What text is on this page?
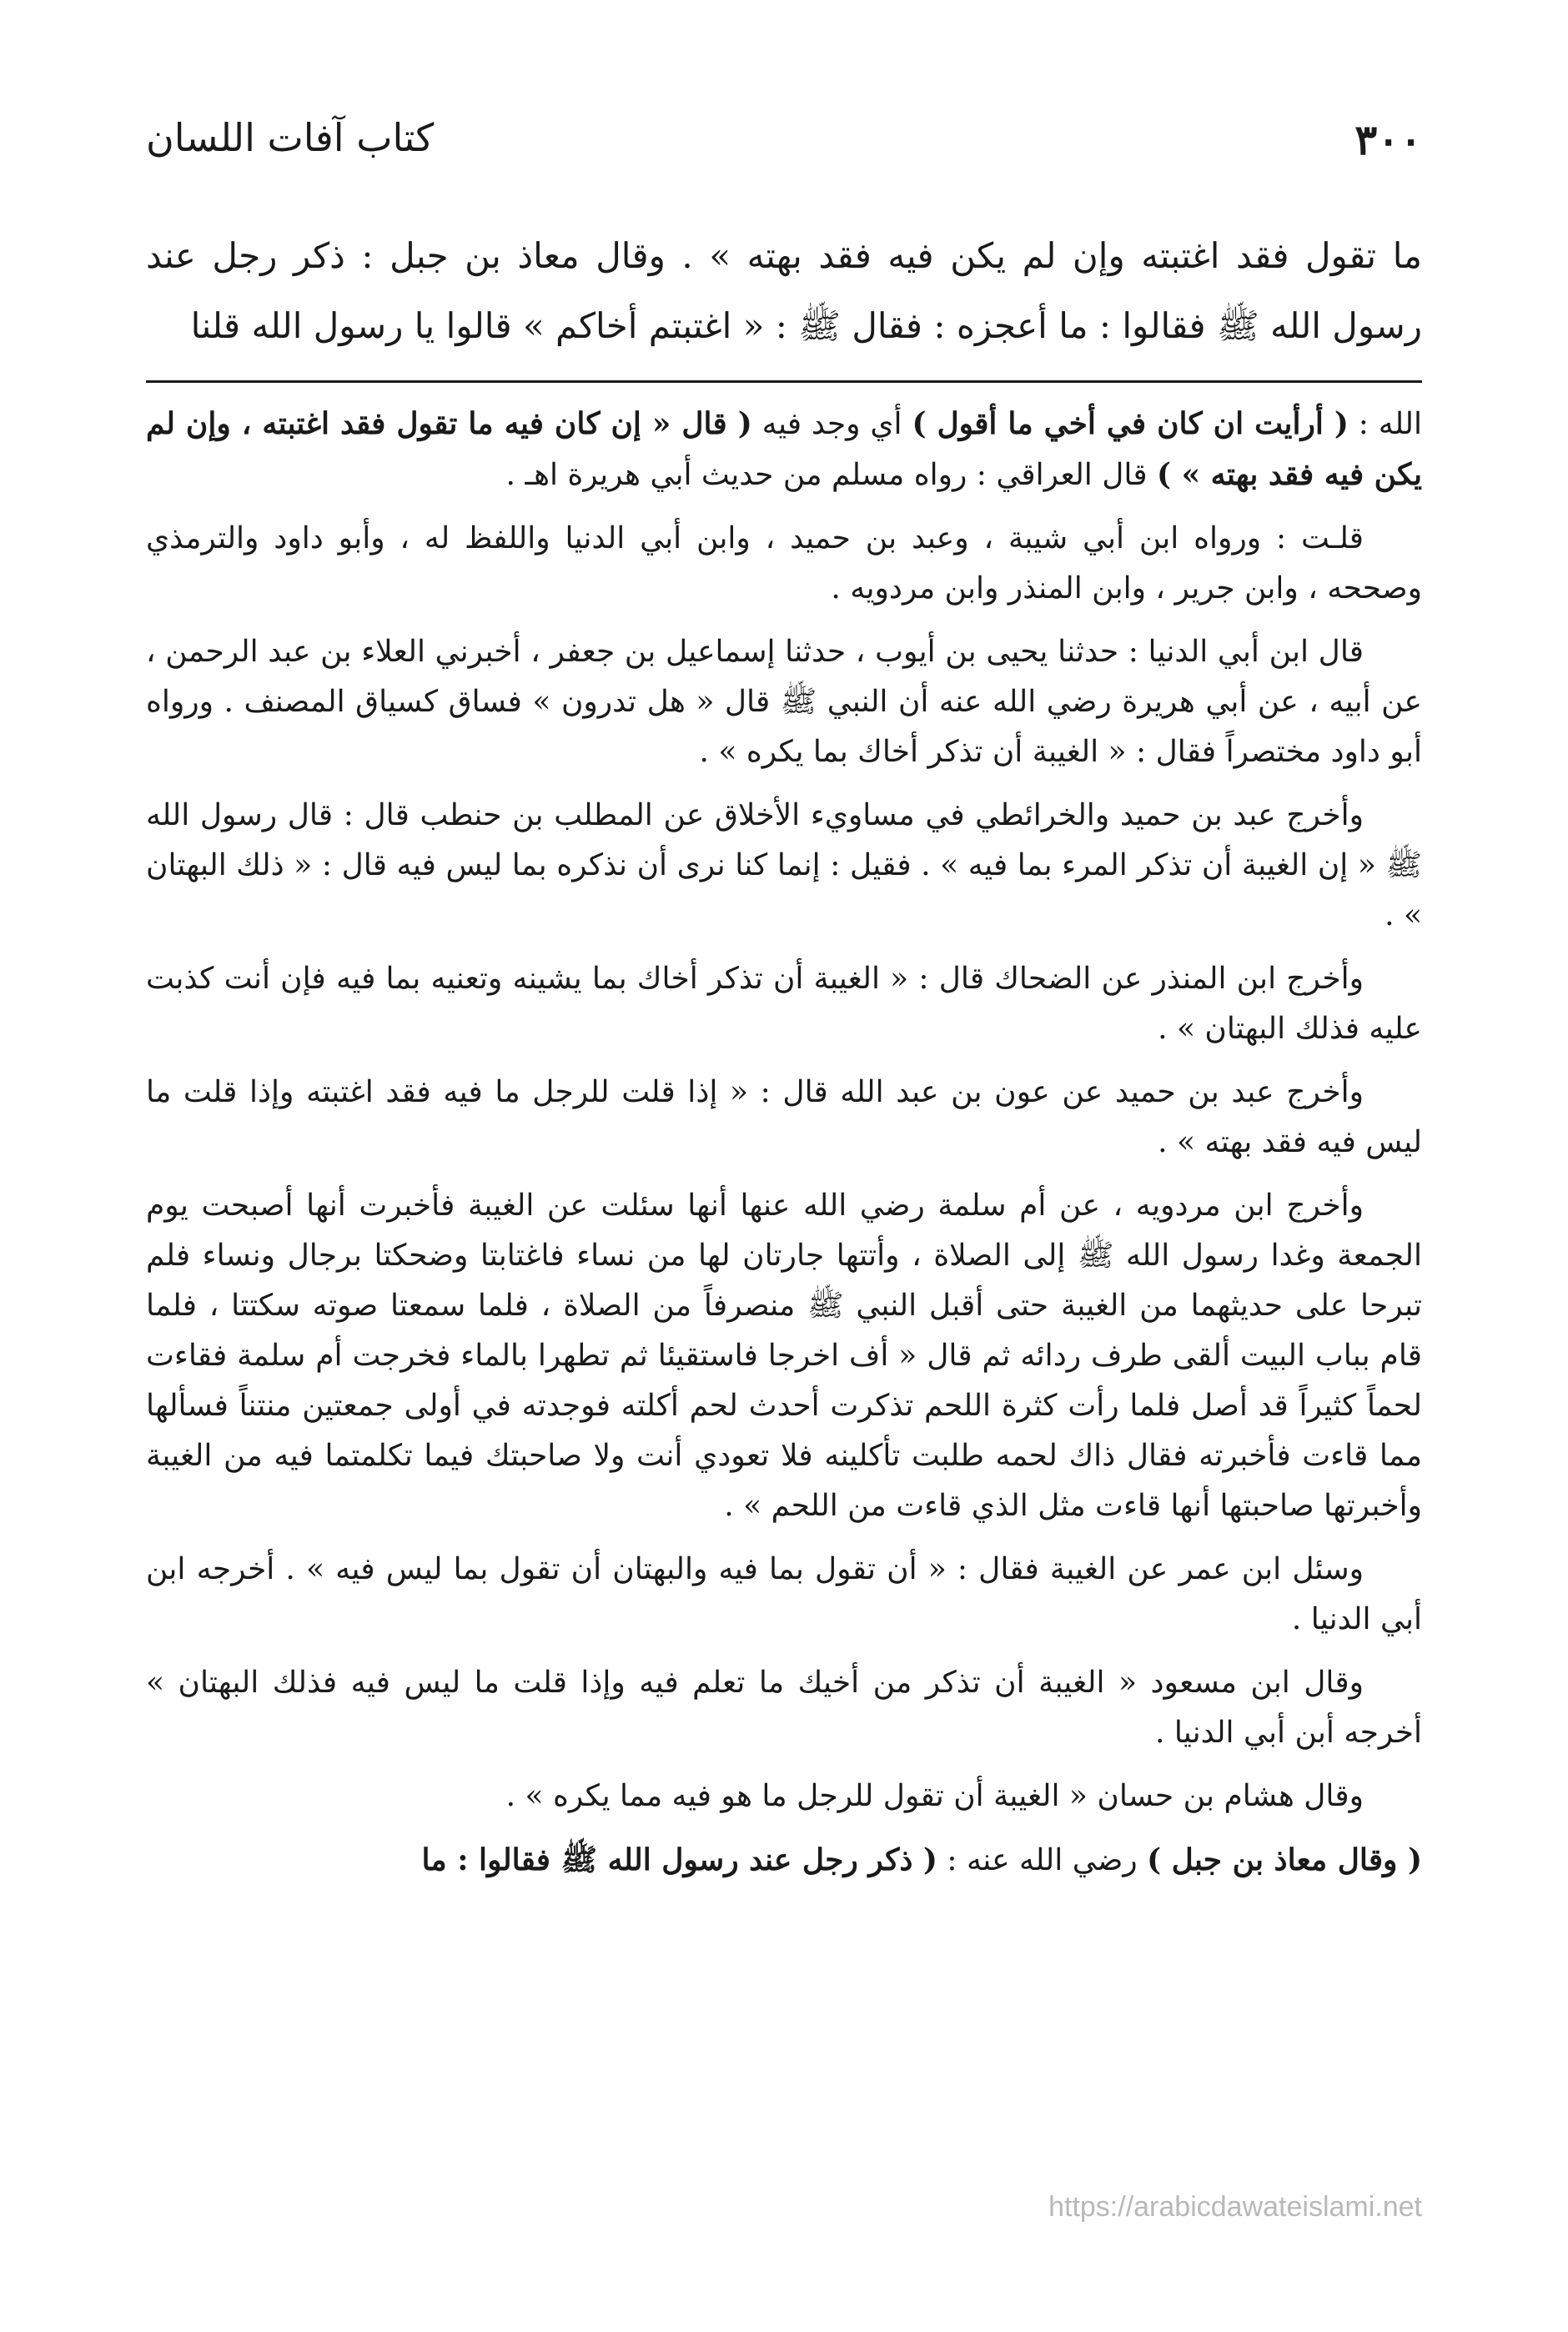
٣٠٠
كتاب آفات اللسان

ما تقول فقد اغتبته وإن لم يكن فيه فقد بهته » . وقال معاذ بن جبل : ذكر رجل عند رسول الله ﷺ فقالوا : ما أعجزه : فقال ﷺ : « اغتبتم أخاكم » قالوا يا رسول الله قلنا

الله : ( أرأيت ان كان في أخي ما أقول ) أي وجد فيه ( قال « إن كان فيه ما تقول فقد اغتبته ، وإن لم يكن فيه فقد بهته » ) قال العراقي : رواه مسلم من حديث أبي هريرة اهـ .

قلـت : ورواه ابن أبي شيبة ، وعبد بن حميد ، وابن أبي الدنيا واللفظ له ، وأبو داود والترمذي وصححه ، وابن جرير ، وابن المنذر وابن مردويه .

قال ابن أبي الدنيا : حدثنا يحيى بن أيوب ، حدثنا إسماعيل بن جعفر ، أخبرني العلاء بن عبد الرحمن ، عن أبيه ، عن أبي هريرة رضي الله عنه أن النبي ﷺ قال « هل تدرون » فساق كسياق المصنف . ورواه أبو داود مختصراً فقال : « الغيبة أن تذكر أخاك بما يكره » .

وأخرج عبد بن حميد والخرائطي في مساويء الأخلاق عن المطلب بن حنطب قال : قال رسول الله ﷺ « إن الغيبة أن تذكر المرء بما فيه » . فقيل : إنما كنا نرى أن نذكره بما ليس فيه قال : « ذلك البهتان » .

وأخرج ابن المنذر عن الضحاك قال : « الغيبة أن تذكر أخاك بما يشينه وتعنيه بما فيه فإن أنت كذبت عليه فذلك البهتان » .

وأخرج عبد بن حميد عن عون بن عبد الله قال : « إذا قلت للرجل ما فيه فقد اغتبته وإذا قلت ما ليس فيه فقد بهته » .

وأخرج ابن مردويه ، عن أم سلمة رضي الله عنها أنها سئلت عن الغيبة فأخبرت أنها أصبحت يوم الجمعة وغدا رسول الله ﷺ إلى الصلاة ، وأتتها جارتان لها من نساء فاغتابتا وضحكتا برجال ونساء فلم تبرحا على حديثهما من الغيبة حتى أقبل النبي ﷺ منصرفاً من الصلاة ، فلما سمعتا صوته سكتتا ، فلما قام بباب البيت ألقى طرف ردائه ثم قال « أف اخرجا فاستقيئا ثم تطهرا بالماء فخرجت أم سلمة فقاءت لحماً كثيراً قد أصل فلما رأت كثرة اللحم تذكرت أحدث لحم أكلته فوجدته في أولى جمعتين منتناً فسألها مما قاءت فأخبرته فقال ذاك لحمه طلبت تأكلينه فلا تعودي أنت ولا صاحبتك فيما تكلمتما فيه من الغيبة وأخبرتها صاحبتها أنها قاءت مثل الذي قاءت من اللحم » .

وسئل ابن عمر عن الغيبة فقال : « أن تقول بما فيه والبهتان أن تقول بما ليس فيه » . أخرجه ابن أبي الدنيا .

وقال ابن مسعود « الغيبة أن تذكر من أخيك ما تعلم فيه وإذا قلت ما ليس فيه فذلك البهتان » أخرجه أبن أبي الدنيا .

وقال هشام بن حسان « الغيبة أن تقول للرجل ما هو فيه مما يكره » .

( وقال معاذ بن جبل ) رضي الله عنه : ( ذكر رجل عند رسول الله ﷺ فقالوا : ما

https://arabicdawateislami.net
